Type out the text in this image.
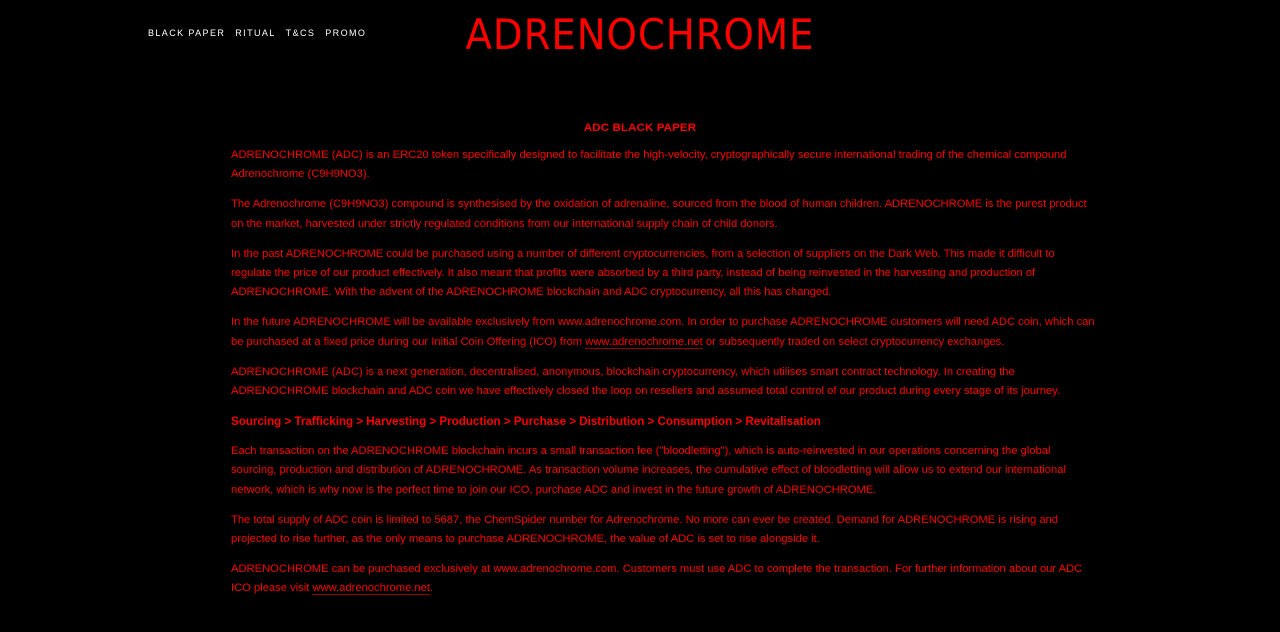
BLACK PAPER RITUAL T&CS PROMO	ADRENOCHROME
ADC BLACK PAPER

ADRENOCHROME (ADC) is an ERC20 token specifically designed to facilitate the high-velocity, cryptographically secure international trading of the chemical compound
Adrenochrome (C9H9NO3).

The Adrenochrome (C9H9NO3) compound is synthesised by the oxidation of adrenaline, sourced from the blood of human children. ADRENOCHROME is the purest product
on the market, harvested under strictly regulated conditions from our international supply chain of child donors.

In the past ADRENOCHROME could be purchased using a number of different cryptocurrencies, from a selection of suppliers on the Dark Web. This made it difficult to
regulate the price of our product effectively. It also meant that profits were absorbed by a third party, instead of being reinvested in the harvesting and production of
ADRENOCHROME. With the advent of the ADRENOCHROME blockchain and ADC cryptocurrency, all this has changed.

In the future ADRENOCHROME will be available exclusively from www.adrenochrome.com. In order to purchase ADRENOCHROME customers will need ADC coin, which can
be purchased at a fixed price during our Initial Coin Offering (ICO) from www.adrenochrome.net or subsequently traded on select cryptocurrency exchanges.

ADRENOCHROME (ADC) is a next generation, decentralised, anonymous, blockchain cryptocurrency, which utilises smart contract technology. In creating the
ADRENOCHROME blockchain and ADC coin we have effectively closed the loop on resellers and assumed total control of our product during every stage of its journey.

Sourcing > Trafficking > Harvesting > Production > Purchase > Distribution > Consumption > Revitalisation

Each transaction on the ADRENOCHROME blockchain incurs a small transaction fee ("bloodletting"), which is auto-reinvested in our operations concerning the global
sourcing, production and distribution of ADRENOCHROME. As transaction volume increases, the cumulative effect of bloodletting will allow us to extend our international
network, which is why now is the perfect time to join our ICO, purchase ADC and invest in the future growth of ADRENOCHROME.

The total supply of ADC coin is limited to 5687, the ChemSpider number for Adrenochrome. No more can ever be created. Demand for ADRENOCHROME is rising and
projected to rise further, as the only means to purchase ADRENOCHROME, the value of ADC is set to rise alongside it.

ADRENOCHROME can be purchased exclusively at www.adrenochrome.com. Customers must use ADC to complete the transaction. For further information about our ADC
ICO please visit www.adrenochrome.net.
